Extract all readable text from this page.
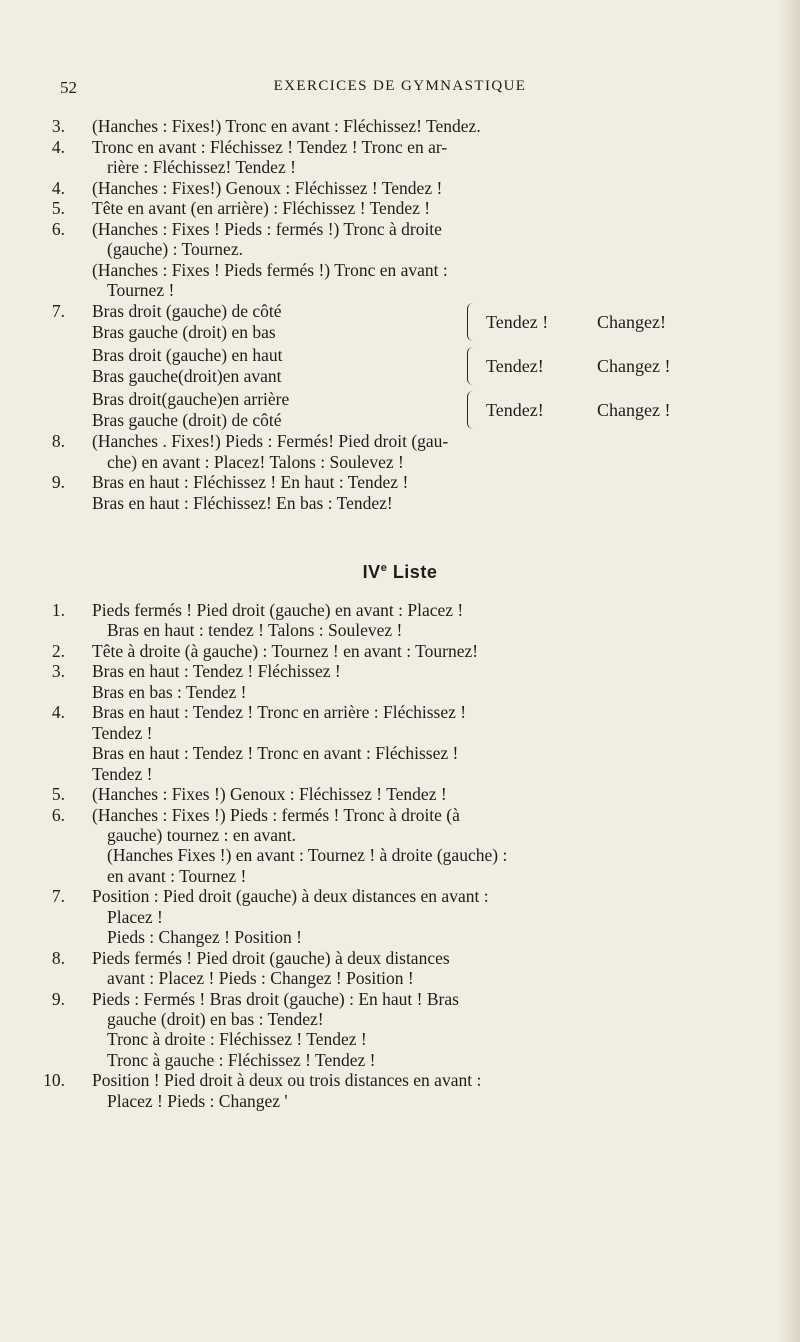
52	EXERCICES DE GYMNASTIQUE
3. (Hanches : Fixes!) Tronc en avant : Fléchissez! Tendez.
4. Tronc en avant : Fléchissez ! Tendez ! Tronc en ar-
rière : Fléchissez! Tendez !
4. (Hanches : Fixes!) Genoux : Fléchissez ! Tendez !
5. Tête en avant (en arrière) : Fléchissez ! Tendez !
6. (Hanches : Fixes ! Pieds : fermés !) Tronc à droite
(gauche) : Tournez.
(Hanches : Fixes ! Pieds fermés !) Tronc en avant :
Tournez !
7. Bras droit (gauche) de côté
Bras gauche (droit) en bas	Tendez !	Changez!
Bras droit (gauche) en haut
Bras gauche(droit)en avant	Tendez!	Changez !
Bras droit(gauche)en arrière
Bras gauche (droit) de côté	Tendez!	Changez !
8. (Hanches . Fixes!) Pieds : Fermés! Pied droit (gau-
che) en avant : Placez! Talons : Soulevez !
9. Bras en haut : Fléchissez ! En haut : Tendez !
Bras en haut : Fléchissez! En bas : Tendez!
IVe Liste
1. Pieds fermés ! Pied droit (gauche) en avant : Placez !
Bras en haut : tendez ! Talons : Soulevez !
2. Tête à droite (à gauche) : Tournez ! en avant : Tournez!
3. Bras en haut : Tendez ! Fléchissez !
Bras en bas : Tendez !
4. Bras en haut : Tendez ! Tronc en arrière : Fléchissez !
Tendez !
Bras en haut : Tendez ! Tronc en avant : Fléchissez !
Tendez !
5. (Hanches : Fixes !) Genoux : Fléchissez ! Tendez !
6. (Hanches : Fixes !) Pieds : fermés ! Tronc à droite (à
gauche) tournez : en avant.
(Hanches Fixes !) en avant : Tournez ! à droite (gauche) :
en avant : Tournez !
7. Position : Pied droit (gauche) à deux distances en avant :
Placez !
Pieds : Changez ! Position !
8. Pieds fermés ! Pied droit (gauche) à deux distances
avant : Placez ! Pieds : Changez ! Position !
9. Pieds : Fermés ! Bras droit (gauche) : En haut ! Bras
gauche (droit) en bas : Tendez!
Tronc à droite : Fléchissez ! Tendez !
Tronc à gauche : Fléchissez ! Tendez !
10. Position ! Pied droit à deux ou trois distances en avant :
Placez ! Pieds : Changez '
